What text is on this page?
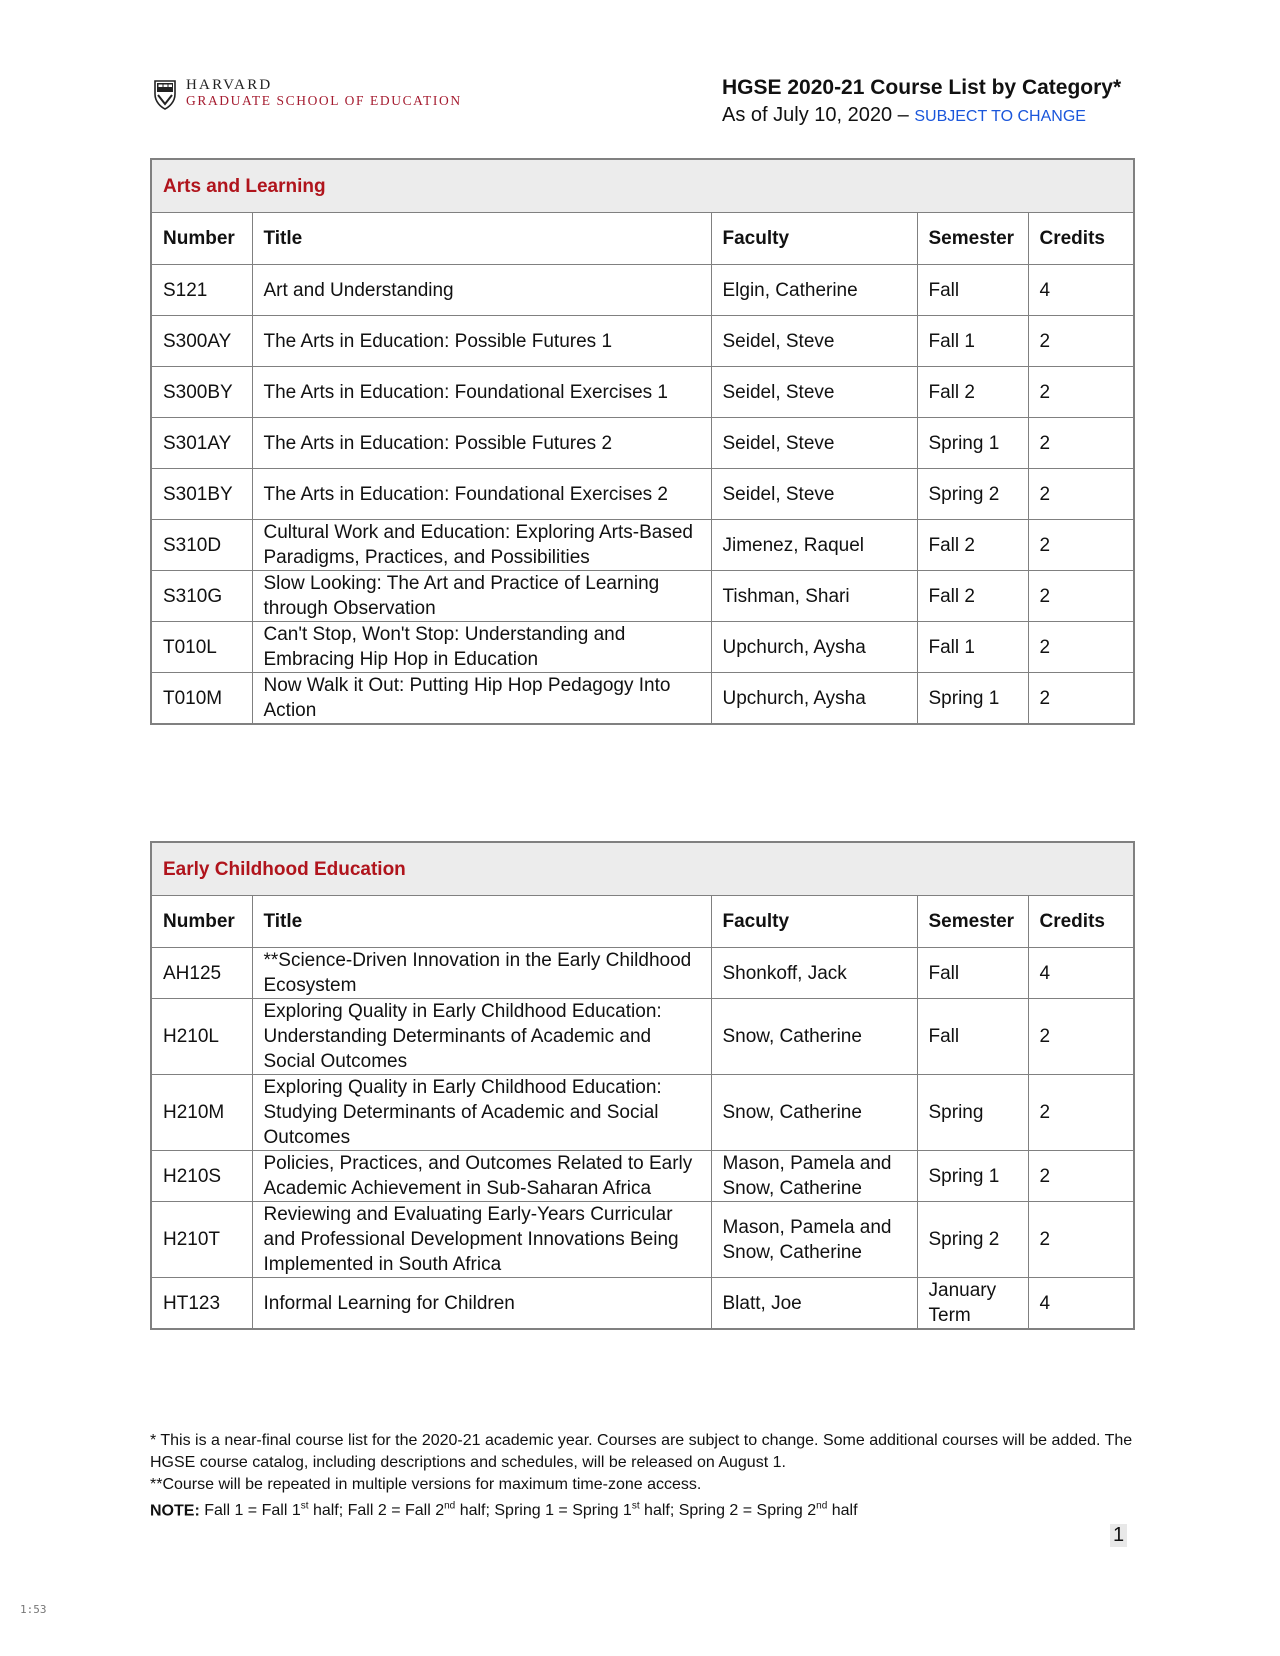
HARVARD
GRADUATE SCHOOL OF EDUCATION
HGSE 2020-21 Course List by Category*
As of July 10, 2020 – SUBJECT TO CHANGE
Arts and Learning				
Number	Title	Faculty	Semester	Credits
S121	Art and Understanding	Elgin, Catherine	Fall	4
S300AY	The Arts in Education: Possible Futures 1	Seidel, Steve	Fall 1	2
S300BY	The Arts in Education: Foundational Exercises 1	Seidel, Steve	Fall 2	2
S301AY	The Arts in Education: Possible Futures 2	Seidel, Steve	Spring 1	2
S301BY	The Arts in Education: Foundational Exercises 2	Seidel, Steve	Spring 2	2
S310D	Cultural Work and Education: Exploring Arts-Based Paradigms, Practices, and Possibilities	Jimenez, Raquel	Fall 2	2
S310G	Slow Looking: The Art and Practice of Learning through Observation	Tishman, Shari	Fall 2	2
T010L	Can't Stop, Won't Stop: Understanding and Embracing Hip Hop in Education	Upchurch, Aysha	Fall 1	2
T010M	Now Walk it Out: Putting Hip Hop Pedagogy Into Action	Upchurch, Aysha	Spring 1	2
Early Childhood Education				
Number	Title	Faculty	Semester	Credits
AH125	**Science-Driven Innovation in the Early Childhood Ecosystem	Shonkoff, Jack	Fall	4
H210L	Exploring Quality in Early Childhood Education: Understanding Determinants of Academic and Social Outcomes	Snow, Catherine	Fall	2
H210M	Exploring Quality in Early Childhood Education: Studying Determinants of Academic and Social Outcomes	Snow, Catherine	Spring	2
H210S	Policies, Practices, and Outcomes Related to Early Academic Achievement in Sub-Saharan Africa	Mason, Pamela and Snow, Catherine	Spring 1	2
H210T	Reviewing and Evaluating Early-Years Curricular and Professional Development Innovations Being Implemented in South Africa	Mason, Pamela and Snow, Catherine	Spring 2	2
HT123	Informal Learning for Children	Blatt, Joe	January Term	4

* This is a near-final course list for the 2020-21 academic year. Courses are subject to change. Some additional courses will be added. The HGSE course catalog, including descriptions and schedules, will be released on August 1.

**Course will be repeated in multiple versions for maximum time-zone access.

NOTE: Fall 1 = Fall 1st half; Fall 2 = Fall 2nd half; Spring 1 = Spring 1st half; Spring 2 = Spring 2nd half

1
1:53
